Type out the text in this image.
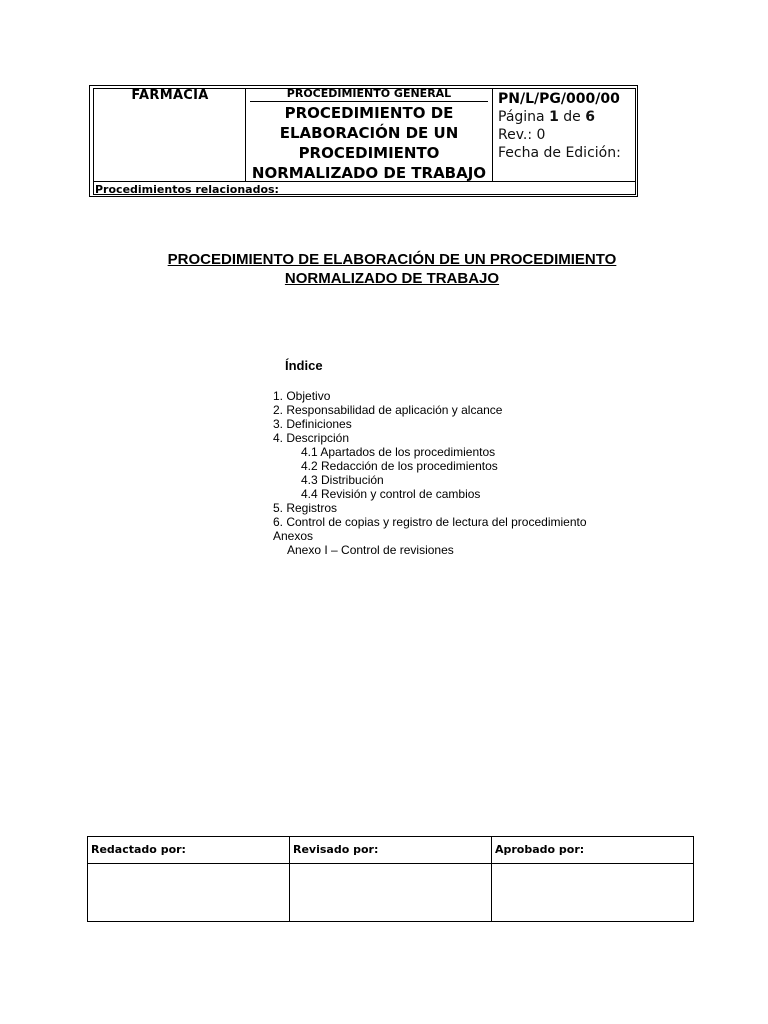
FARMACIA	PROCEDIMIENTO GENERAL
PROCEDIMIENTO DE ELABORACIÓN DE UN PROCEDIMIENTO NORMALIZADO DE TRABAJO
PN/L/PG/000/00
Página 1 de 6
Rev.: 0
Fecha de Edición:
Procedimientos relacionados:
PROCEDIMIENTO DE ELABORACIÓN DE UN PROCEDIMIENTO
NORMALIZADO DE TRABAJO
Índice
1. Objetivo
2. Responsabilidad de aplicación y alcance
3. Definiciones
4. Descripción
4.1 Apartados de los procedimientos
4.2 Redacción de los procedimientos
4.3 Distribución
4.4 Revisión y control de cambios
5. Registros
6. Control de copias y registro de lectura del procedimiento
Anexos
Anexo I – Control de revisiones
Redactado por:	Revisado por:	Aprobado por:
